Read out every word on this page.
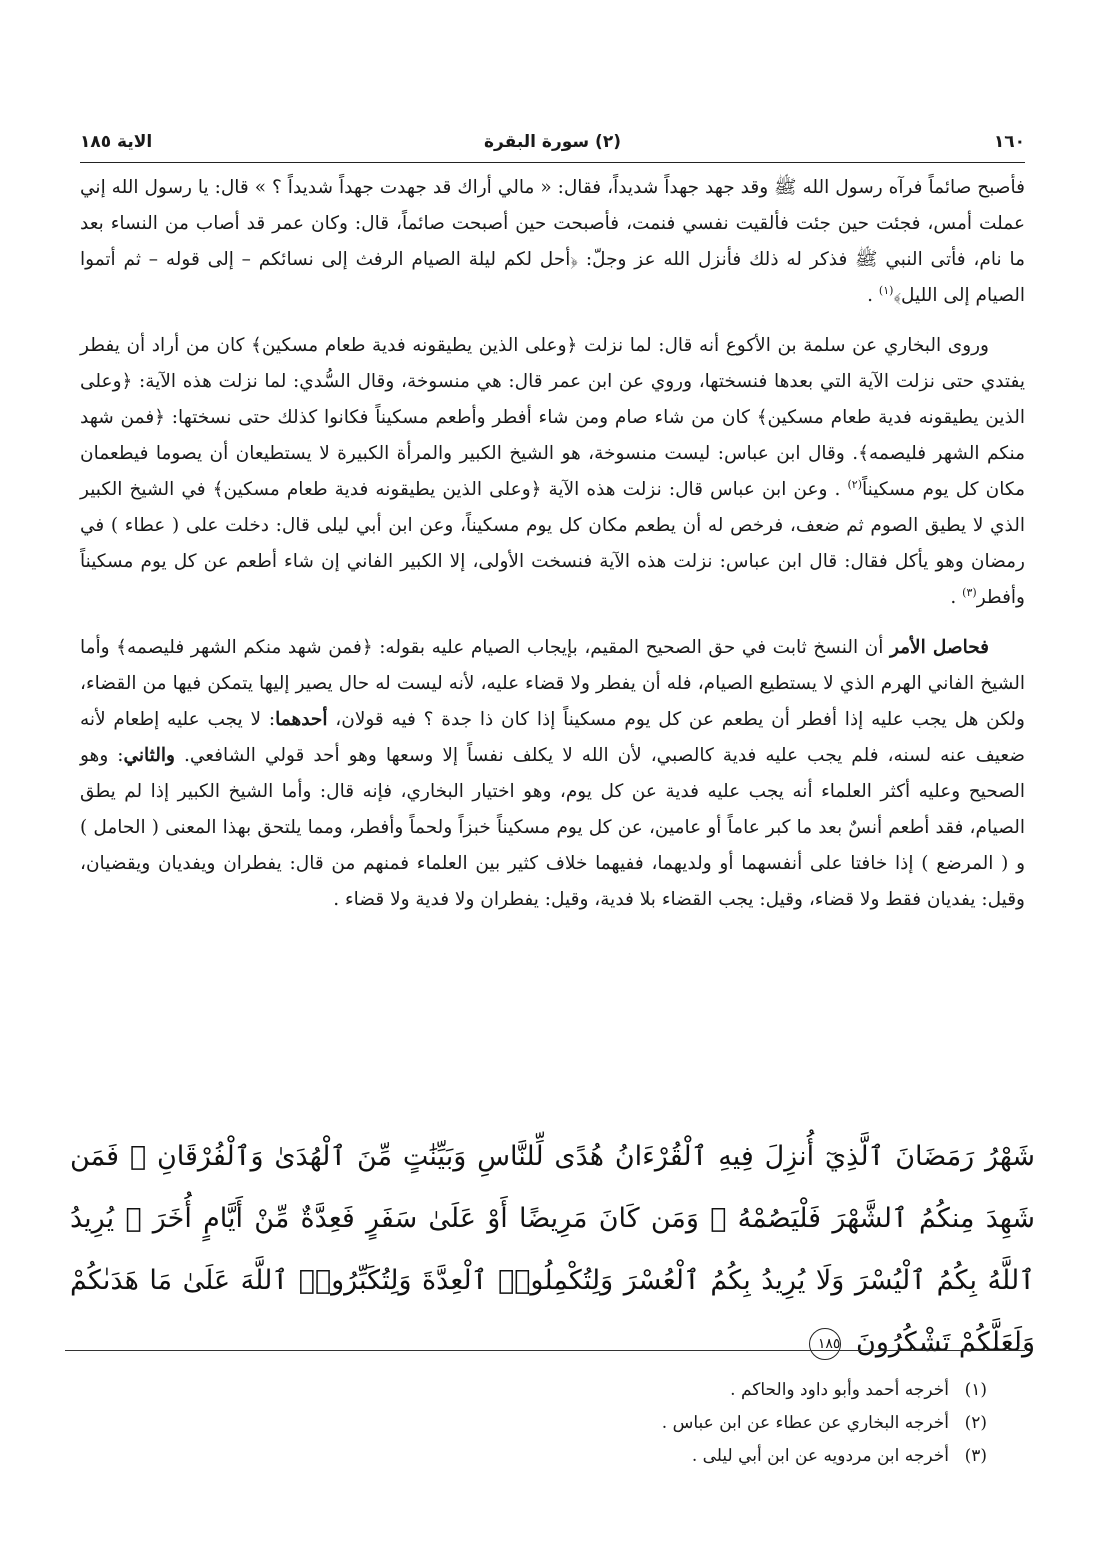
١٦٠
(٢) سورة البقرة
الاية ١٨٥

فأصبح صائماً فرآه رسول الله ﷺ وقد جهد جهداً شديداً، فقال: « مالي أراك قد جهدت جهداً شديداً ؟ » قال: يا رسول الله إني عملت أمس، فجئت حين جئت فألقيت نفسي فنمت، فأصبحت حين أصبحت صائماً، قال: وكان عمر قد أصاب من النساء بعد ما نام، فأتى النبي ﷺ فذكر له ذلك فأنزل الله عز وجلّ: ﴿أحل لكم ليلة الصيام الرفث إلى نسائكم – إلى قوله – ثم أتموا الصيام إلى الليل﴾$^{(١)}$ .

وروى البخاري عن سلمة بن الأكوع أنه قال: لما نزلت ﴿وعلى الذين يطيقونه فدية طعام مسكين﴾ كان من أراد أن يفطر يفتدي حتى نزلت الآية التي بعدها فنسختها، وروي عن ابن عمر قال: هي منسوخة، وقال السُّدي: لما نزلت هذه الآية: ﴿وعلى الذين يطيقونه فدية طعام مسكين﴾ كان من شاء صام ومن شاء أفطر وأطعم مسكيناً فكانوا كذلك حتى نسختها: ﴿فمن شهد منكم الشهر فليصمه﴾. وقال ابن عباس: ليست منسوخة، هو الشيخ الكبير والمرأة الكبيرة لا يستطيعان أن يصوما فيطعمان مكان كل يوم مسكيناً$^{(٢)}$ . وعن ابن عباس قال: نزلت هذه الآية ﴿وعلى الذين يطيقونه فدية طعام مسكين﴾ في الشيخ الكبير الذي لا يطيق الصوم ثم ضعف، فرخص له أن يطعم مكان كل يوم مسكيناً، وعن ابن أبي ليلى قال: دخلت على ( عطاء ) في رمضان وهو يأكل فقال: قال ابن عباس: نزلت هذه الآية فنسخت الأولى، إلا الكبير الفاني إن شاء أطعم عن كل يوم مسكيناً وأفطر$^{(٣)}$ .

فحاصل الأمر أن النسخ ثابت في حق الصحيح المقيم، بإيجاب الصيام عليه بقوله: ﴿فمن شهد منكم الشهر فليصمه﴾ وأما الشيخ الفاني الهرم الذي لا يستطيع الصيام، فله أن يفطر ولا قضاء عليه، لأنه ليست له حال يصير إليها يتمكن فيها من القضاء، ولكن هل يجب عليه إذا أفطر أن يطعم عن كل يوم مسكيناً إذا كان ذا جدة ؟ فيه قولان، أحدهما: لا يجب عليه إطعام لأنه ضعيف عنه لسنه، فلم يجب عليه فدية كالصبي، لأن الله لا يكلف نفساً إلا وسعها وهو أحد قولي الشافعي. والثاني: وهو الصحيح وعليه أكثر العلماء أنه يجب عليه فدية عن كل يوم، وهو اختيار البخاري، فإنه قال: وأما الشيخ الكبير إذا لم يطق الصيام، فقد أطعم أنسٌ بعد ما كبر عاماً أو عامين، عن كل يوم مسكيناً خبزاً ولحماً وأفطر، ومما يلتحق بهذا المعنى ( الحامل ) و ( المرضع ) إذا خافتا على أنفسهما أو ولديهما، ففيهما خلاف كثير بين العلماء فمنهم من قال: يفطران ويفديان ويقضيان، وقيل: يفديان فقط ولا قضاء، وقيل: يجب القضاء بلا فدية، وقيل: يفطران ولا فدية ولا قضاء .

شَهْرُ رَمَضَانَ ٱلَّذِيٓ أُنزِلَ فِيهِ ٱلْقُرْءَانُ هُدًى لِّلنَّاسِ وَبَيِّنَٰتٍ مِّنَ ٱلْهُدَىٰ وَٱلْفُرْقَانِ ۚ فَمَن شَهِدَ مِنكُمُ ٱلشَّهْرَ فَلْيَصُمْهُ ۖ وَمَن كَانَ مَرِيضًا أَوْ عَلَىٰ سَفَرٍ فَعِدَّةٌ مِّنْ أَيَّامٍ أُخَرَ ۗ يُرِيدُ ٱللَّهُ بِكُمُ ٱلْيُسْرَ وَلَا يُرِيدُ بِكُمُ ٱلْعُسْرَ وَلِتُكْمِلُوا۟ ٱلْعِدَّةَ وَلِتُكَبِّرُوا۟ ٱللَّهَ عَلَىٰ مَا هَدَىٰكُمْ وَلَعَلَّكُمْ تَشْكُرُونَ ١٨٥
(١)
أخرجه أحمد وأبو داود والحاكم .
(٢)
أخرجه البخاري عن عطاء عن ابن عباس .
(٣)
أخرجه ابن مردويه عن ابن أبي ليلى .
